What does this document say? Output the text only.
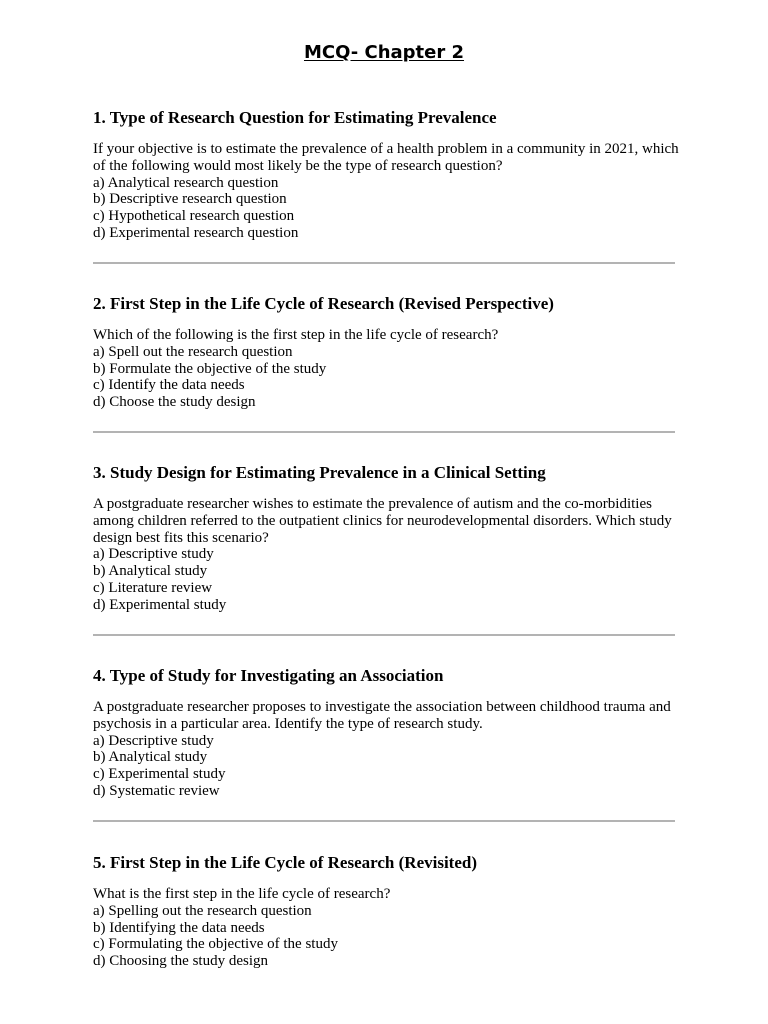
MCQ- Chapter 2
1. Type of Research Question for Estimating Prevalence
If your objective is to estimate the prevalence of a health problem in a community in 2021, which of the following would most likely be the type of research question?
a) Analytical research question
b) Descriptive research question
c) Hypothetical research question
d) Experimental research question
2. First Step in the Life Cycle of Research (Revised Perspective)
Which of the following is the first step in the life cycle of research?
a) Spell out the research question
b) Formulate the objective of the study
c) Identify the data needs
d) Choose the study design
3. Study Design for Estimating Prevalence in a Clinical Setting
A postgraduate researcher wishes to estimate the prevalence of autism and the co-morbidities among children referred to the outpatient clinics for neurodevelopmental disorders. Which study design best fits this scenario?
a) Descriptive study
b) Analytical study
c) Literature review
d) Experimental study
4. Type of Study for Investigating an Association
A postgraduate researcher proposes to investigate the association between childhood trauma and psychosis in a particular area. Identify the type of research study.
a) Descriptive study
b) Analytical study
c) Experimental study
d) Systematic review
5. First Step in the Life Cycle of Research (Revisited)
What is the first step in the life cycle of research?
a) Spelling out the research question
b) Identifying the data needs
c) Formulating the objective of the study
d) Choosing the study design
